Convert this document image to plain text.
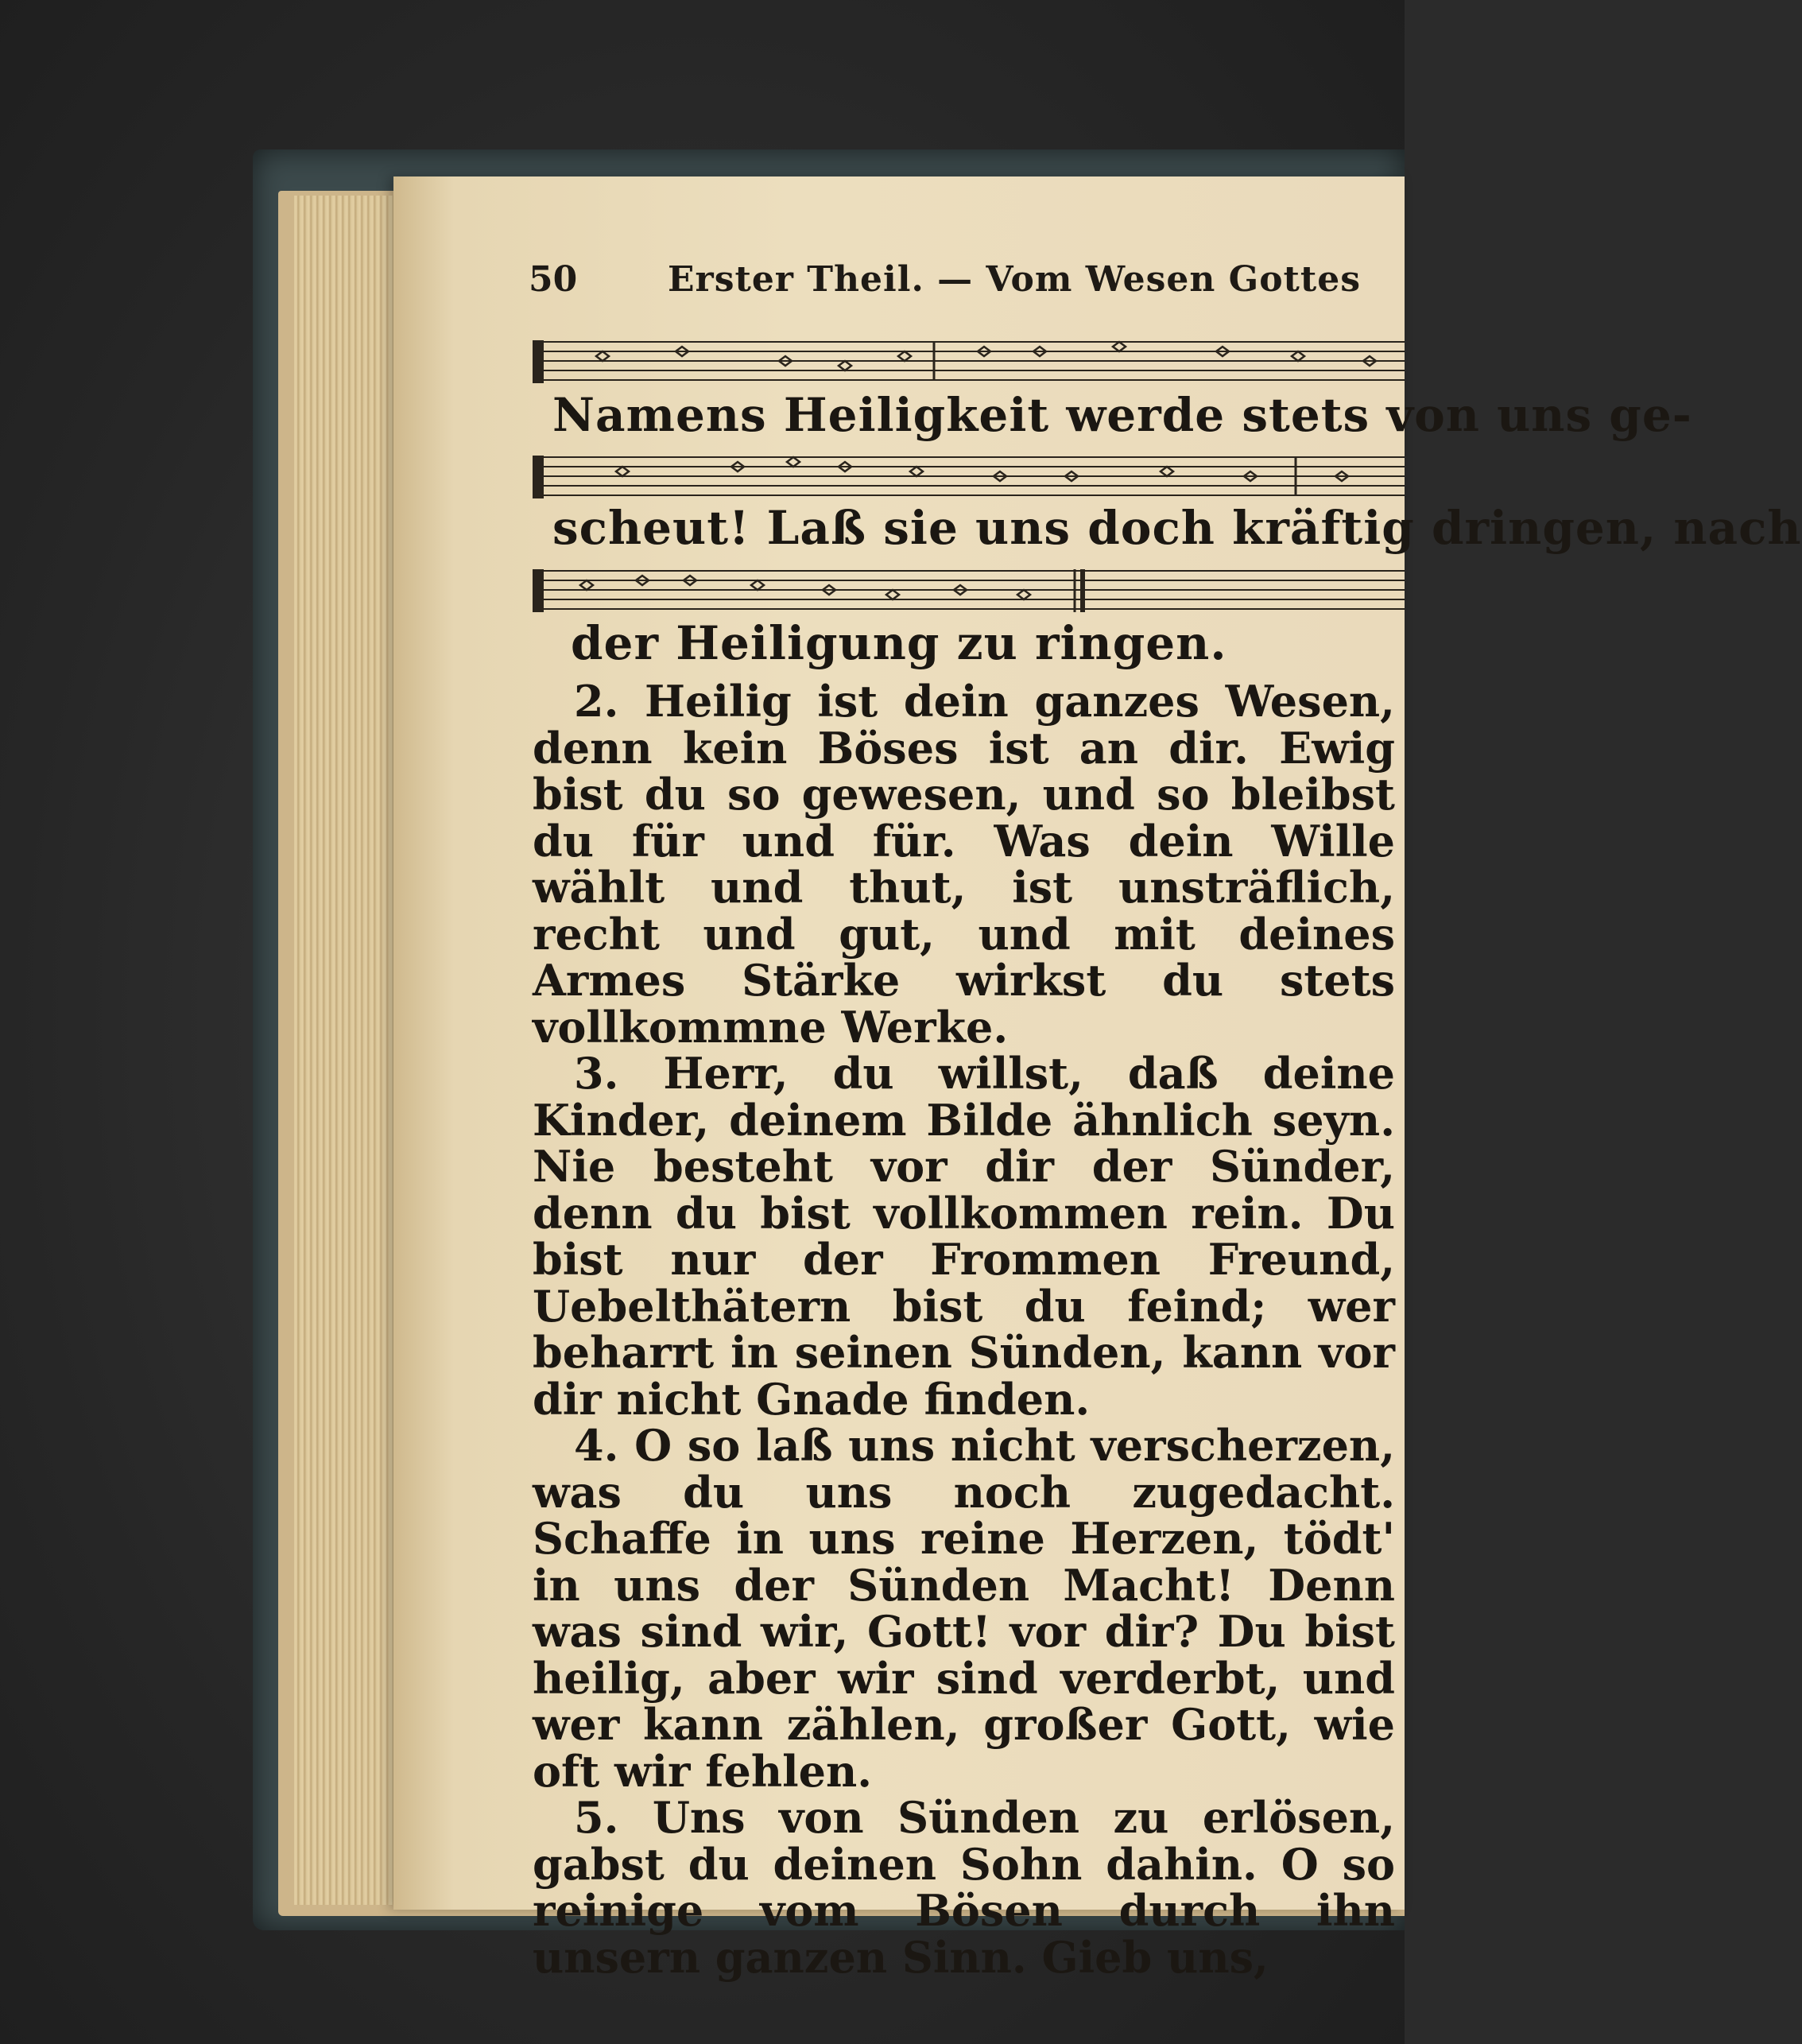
50	Erster Theil. — Vom Wesen Gottes
Namens Heiligkeit werde stets von uns ge-
scheut! Laß sie uns doch kräftig dringen, nach
der Heiligung zu ringen.

2. Heilig ist dein ganzes Wesen, denn kein Böses ist an dir. Ewig bist du so gewesen, und so bleibst du für und für. Was dein Wille wählt und thut, ist unsträflich, recht und gut, und mit deines Armes Stärke wirkst du stets vollkommne Werke.

3. Herr, du willst, daß deine Kinder, deinem Bilde ähnlich seyn. Nie besteht vor dir der Sünder, denn du bist vollkommen rein. Du bist nur der Frommen Freund, Uebelthätern bist du feind; wer beharrt in seinen Sünden, kann vor dir nicht Gnade finden.

4. O so laß uns nicht verscherzen, was du uns noch zugedacht. Schaffe in uns reine Herzen, tödt' in uns der Sünden Macht! Denn was sind wir, Gott! vor dir? Du bist heilig, aber wir sind verderbt, und wer kann zählen, großer Gott, wie oft wir fehlen.

5. Uns von Sünden zu erlösen, gabst du deinen Sohn dahin. O so reinige vom Bösen durch ihn unsern ganzen Sinn. Gieb uns,
